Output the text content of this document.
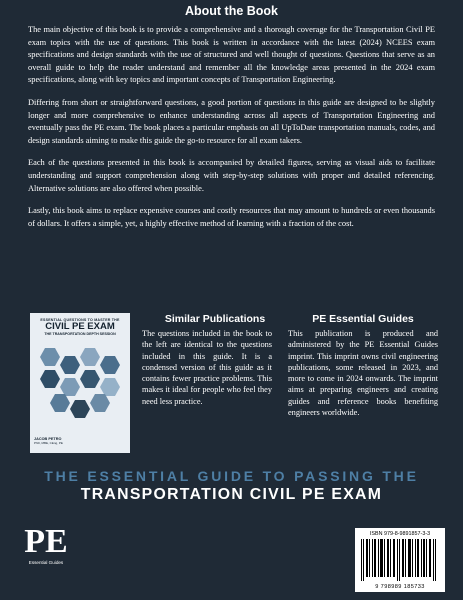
About the Book

The main objective of this book is to provide a comprehensive and a thorough coverage for the Transportation Civil PE exam topics with the use of questions. This book is written in accordance with the latest (2024) NCEES exam specifications and design standards with the use of structured and well thought of questions. Questions that serve as an overall guide to help the reader understand and remember all the knowledge areas presented in the 2024 exam specifications, along with key topics and important concepts of Transportation Engineering.

Differing from short or straightforward questions, a good portion of questions in this guide are designed to be slightly longer and more comprehensive to enhance understanding across all aspects of Transportation Engineering and eventually pass the PE exam. The book places a particular emphasis on all UpToDate transportation manuals, codes, and design standards aiming to make this guide the go-to resource for all exam takers.

Each of the questions presented in this book is accompanied by detailed figures, serving as visual aids to facilitate understanding and support comprehension along with step-by-step solutions with proper and detailed referencing. Alternative solutions are also offered when possible.

Lastly, this book aims to replace expensive courses and costly resources that may amount to hundreds or even thousands of dollars. It offers a simple, yet, a highly effective method of learning with a fraction of the cost.

ESSENTIAL QUESTIONS TO MASTER THE
CIVIL PE EXAM
THE TRANSPORTATION DEPTH SESSION
JACOB PETRO
PhD, MBE, CEng, PE
Similar Publications
The questions included in the book to the left are identical to the questions included in this guide. It is a condensed version of this guide as it contains fewer practice problems. This makes it ideal for people who feel they need less practice.
PE Essential Guides
This publication is produced and administered by the PE Essential Guides imprint. This imprint owns civil engineering publications, some released in 2023, and more to come in 2024 onwards. The imprint aims at preparing engineers and creating guides and reference books benefiting engineers worldwide.
THE ESSENTIAL GUIDE TO PASSING THE
TRANSPORTATION CIVIL PE EXAM
PE
Essential Guides
ISBN 979-8-9891857-3-3
9 798989 185733
